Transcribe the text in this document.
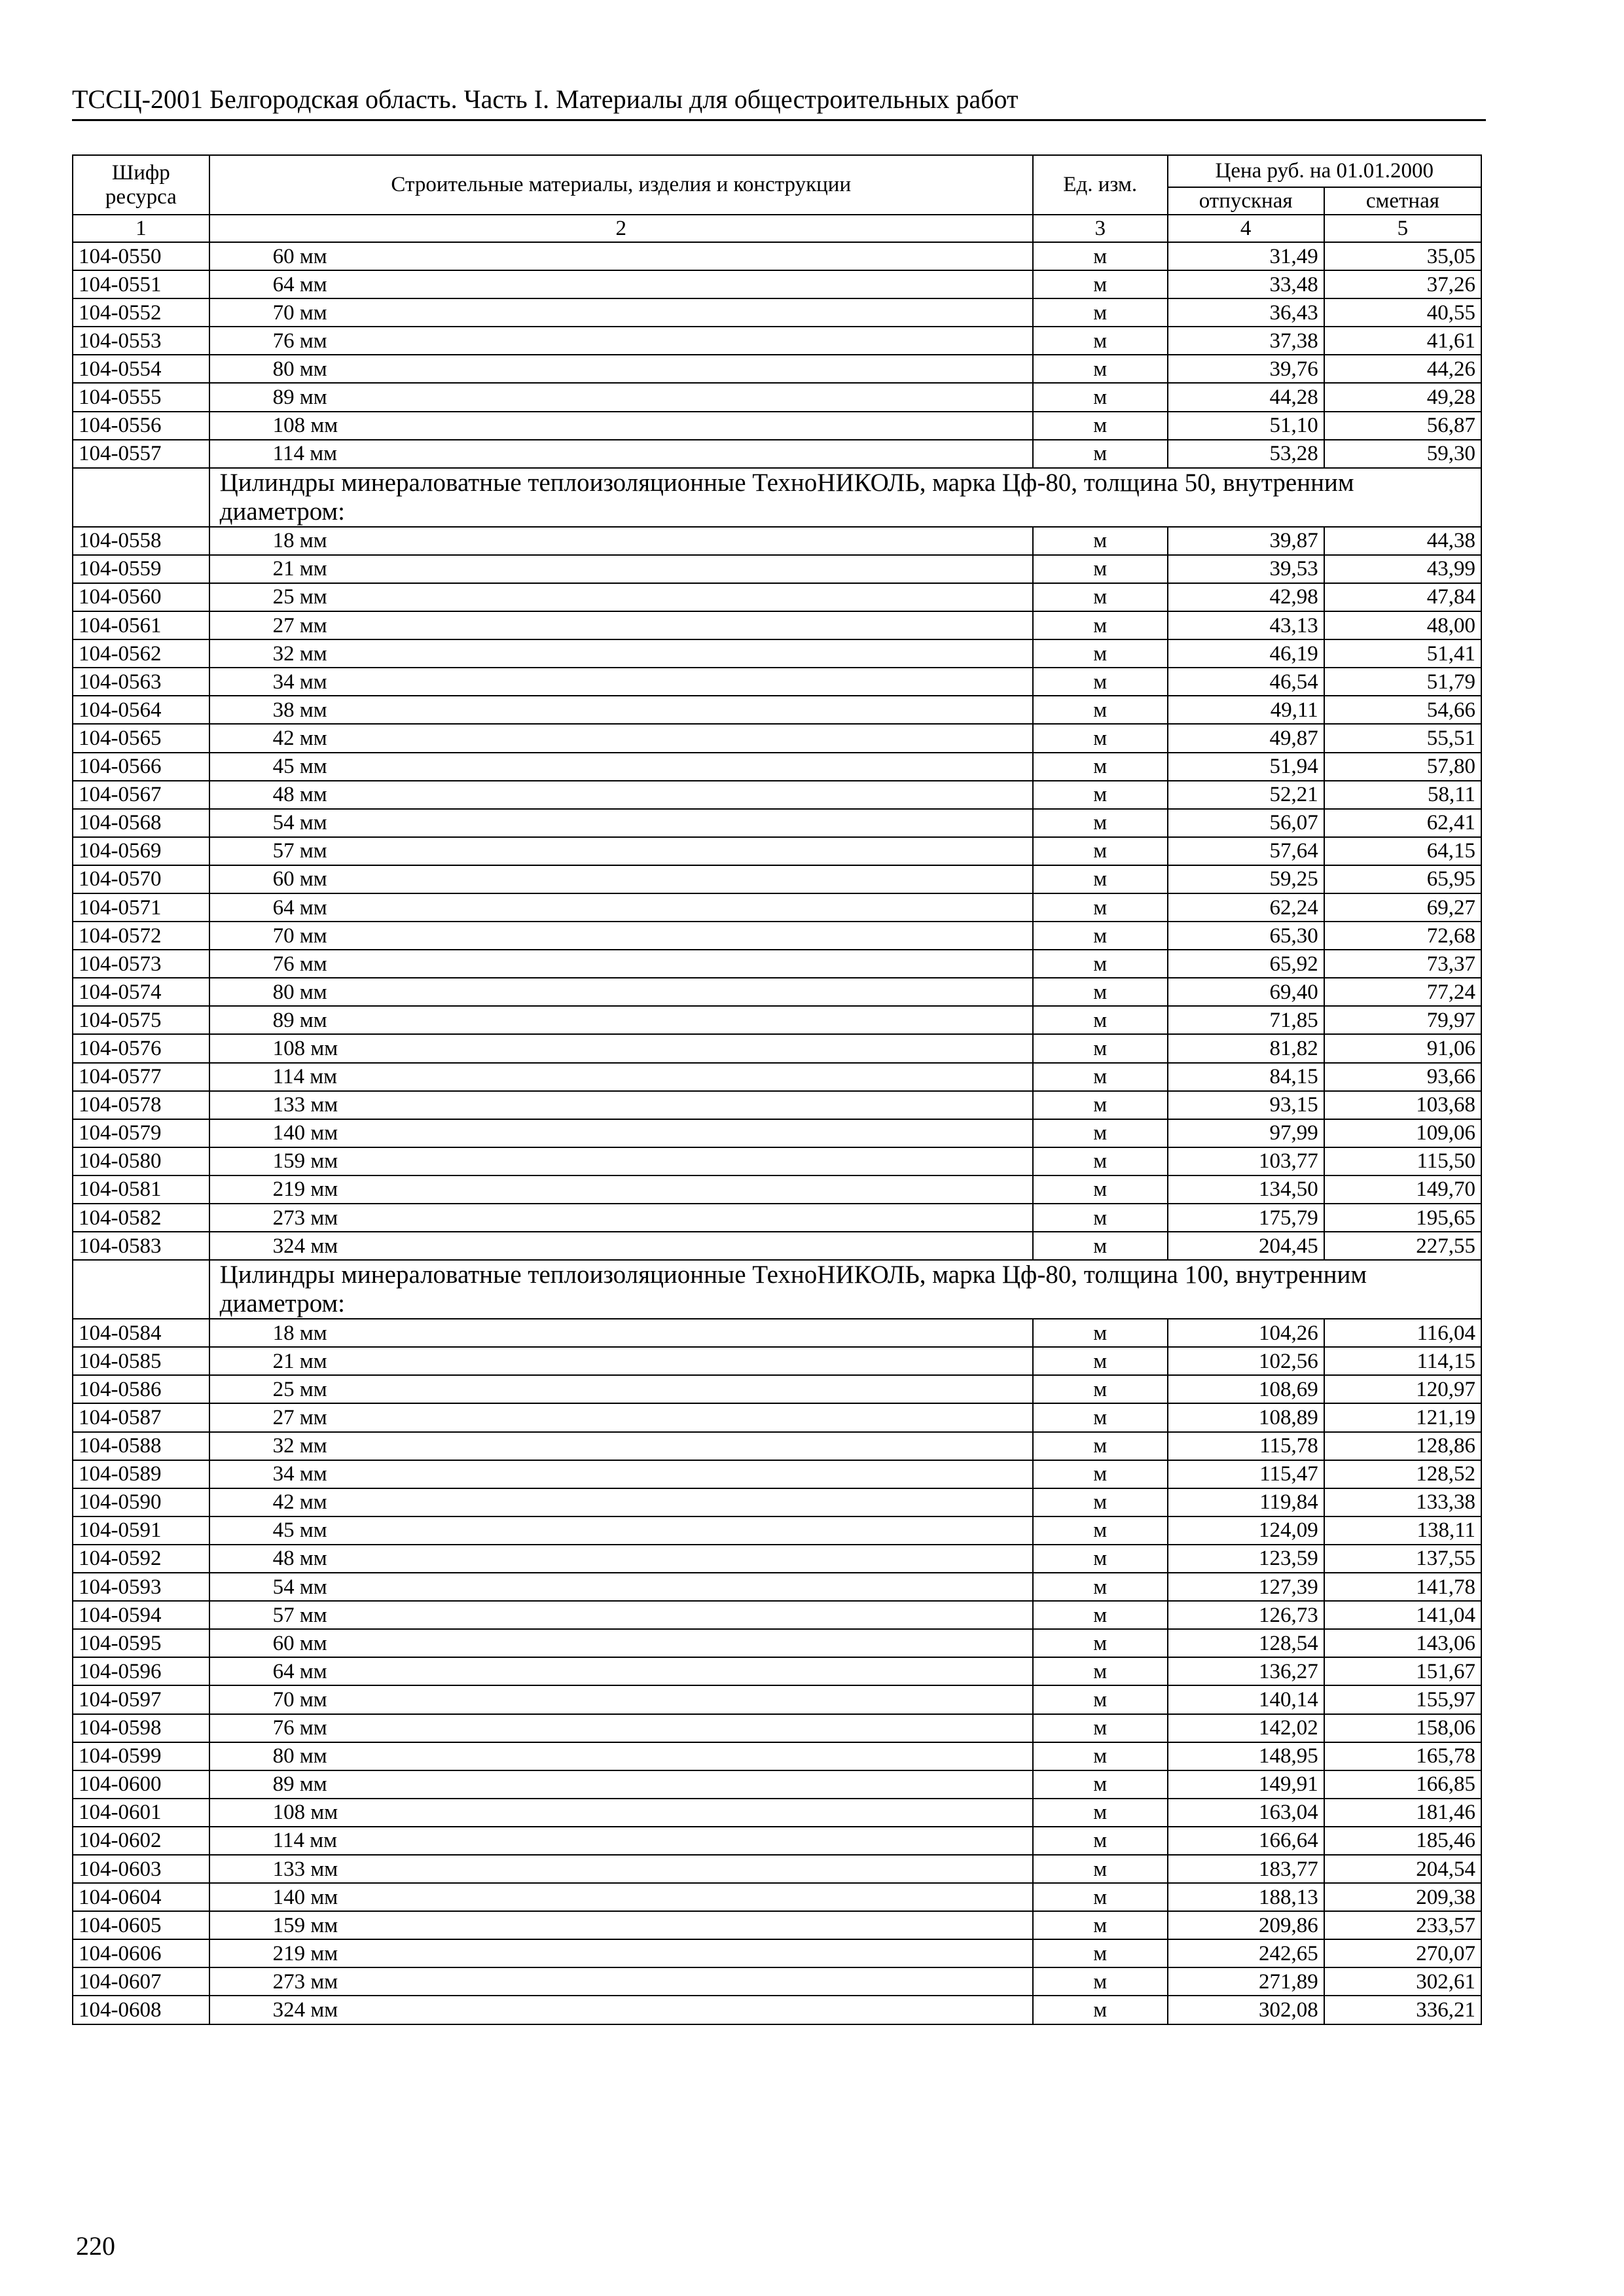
ТССЦ-2001 Белгородская область. Часть I. Материалы для общестроительных работ
Шифр ресурса	Строительные материалы, изделия и конструкции	Ед. изм.	Цена руб. на 01.01.2000	
			отпускная	сметная
1	2	3	4	5
104-0550	60 мм	м	31,49	35,05
104-0551	64 мм	м	33,48	37,26
104-0552	70 мм	м	36,43	40,55
104-0553	76 мм	м	37,38	41,61
104-0554	80 мм	м	39,76	44,26
104-0555	89 мм	м	44,28	49,28
104-0556	108 мм	м	51,10	56,87
104-0557	114 мм	м	53,28	59,30
	Цилиндры минераловатные теплоизоляционные ТехноНИКОЛЬ, марка Цф-80, толщина 50, внутренним диаметром:			
104-0558	18 мм	м	39,87	44,38
104-0559	21 мм	м	39,53	43,99
104-0560	25 мм	м	42,98	47,84
104-0561	27 мм	м	43,13	48,00
104-0562	32 мм	м	46,19	51,41
104-0563	34 мм	м	46,54	51,79
104-0564	38 мм	м	49,11	54,66
104-0565	42 мм	м	49,87	55,51
104-0566	45 мм	м	51,94	57,80
104-0567	48 мм	м	52,21	58,11
104-0568	54 мм	м	56,07	62,41
104-0569	57 мм	м	57,64	64,15
104-0570	60 мм	м	59,25	65,95
104-0571	64 мм	м	62,24	69,27
104-0572	70 мм	м	65,30	72,68
104-0573	76 мм	м	65,92	73,37
104-0574	80 мм	м	69,40	77,24
104-0575	89 мм	м	71,85	79,97
104-0576	108 мм	м	81,82	91,06
104-0577	114 мм	м	84,15	93,66
104-0578	133 мм	м	93,15	103,68
104-0579	140 мм	м	97,99	109,06
104-0580	159 мм	м	103,77	115,50
104-0581	219 мм	м	134,50	149,70
104-0582	273 мм	м	175,79	195,65
104-0583	324 мм	м	204,45	227,55
	Цилиндры минераловатные теплоизоляционные ТехноНИКОЛЬ, марка Цф-80, толщина 100, внутренним диаметром:			
104-0584	18 мм	м	104,26	116,04
104-0585	21 мм	м	102,56	114,15
104-0586	25 мм	м	108,69	120,97
104-0587	27 мм	м	108,89	121,19
104-0588	32 мм	м	115,78	128,86
104-0589	34 мм	м	115,47	128,52
104-0590	42 мм	м	119,84	133,38
104-0591	45 мм	м	124,09	138,11
104-0592	48 мм	м	123,59	137,55
104-0593	54 мм	м	127,39	141,78
104-0594	57 мм	м	126,73	141,04
104-0595	60 мм	м	128,54	143,06
104-0596	64 мм	м	136,27	151,67
104-0597	70 мм	м	140,14	155,97
104-0598	76 мм	м	142,02	158,06
104-0599	80 мм	м	148,95	165,78
104-0600	89 мм	м	149,91	166,85
104-0601	108 мм	м	163,04	181,46
104-0602	114 мм	м	166,64	185,46
104-0603	133 мм	м	183,77	204,54
104-0604	140 мм	м	188,13	209,38
104-0605	159 мм	м	209,86	233,57
104-0606	219 мм	м	242,65	270,07
104-0607	273 мм	м	271,89	302,61
104-0608	324 мм	м	302,08	336,21
220
